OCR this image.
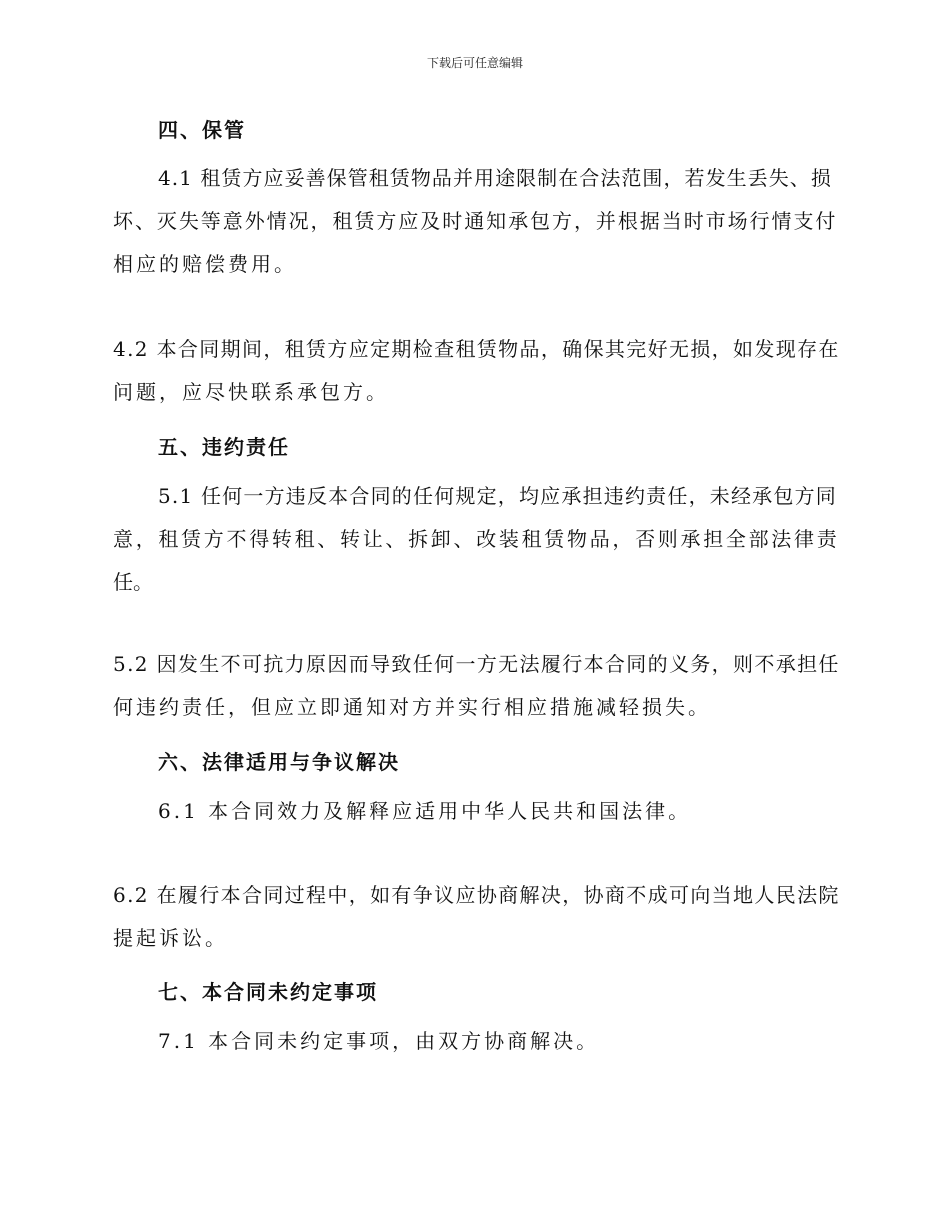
下载后可任意编辑
四、保管
4.1 租赁方应妥善保管租赁物品并用途限制在合法范围，若发生丢失、损
坏、灭失等意外情况，租赁方应及时通知承包方，并根据当时市场行情支付
相应的赔偿费用。
4.2 本合同期间，租赁方应定期检查租赁物品，确保其完好无损，如发现存在
问题，应尽快联系承包方。
五、违约责任
5.1 任何一方违反本合同的任何规定，均应承担违约责任，未经承包方同
意，租赁方不得转租、转让、拆卸、改装租赁物品，否则承担全部法律责
任。
5.2 因发生不可抗力原因而导致任何一方无法履行本合同的义务，则不承担任
何违约责任，但应立即通知对方并实行相应措施减轻损失。
六、法律适用与争议解决
6.1 本合同效力及解释应适用中华人民共和国法律。
6.2 在履行本合同过程中，如有争议应协商解决，协商不成可向当地人民法院
提起诉讼。
七、本合同未约定事项
7.1 本合同未约定事项，由双方协商解决。
